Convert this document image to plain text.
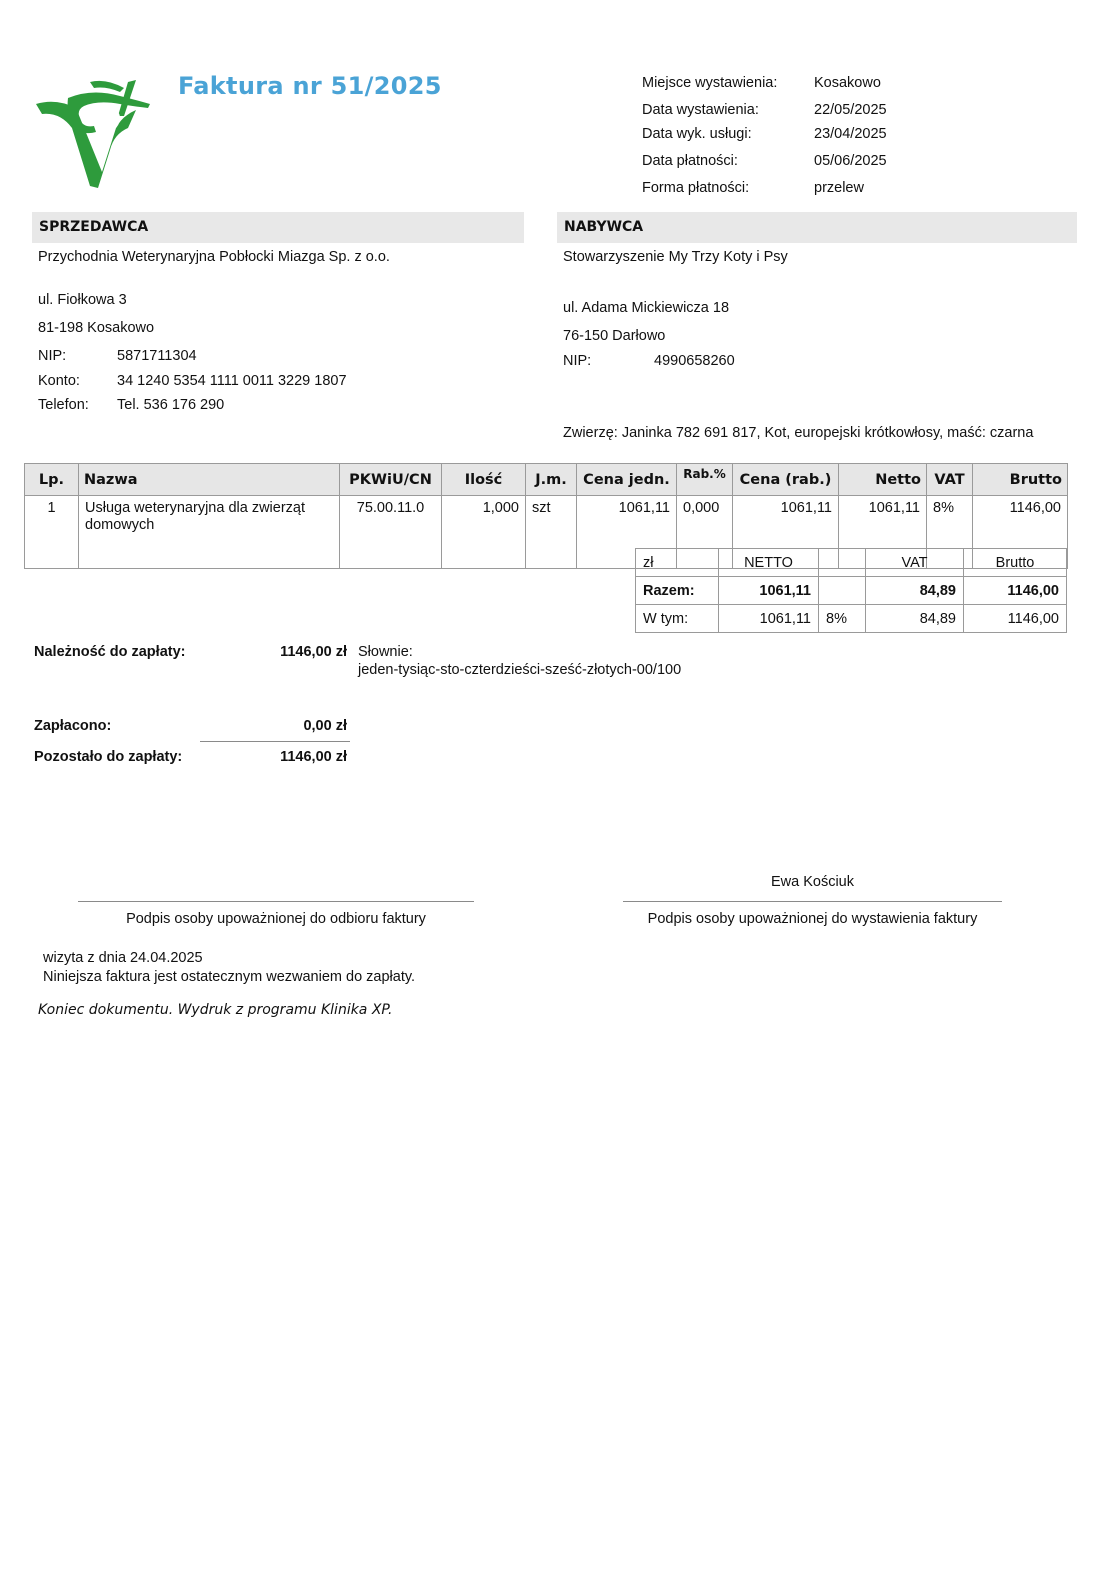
Faktura nr 51/2025	Miejsce wystawienia:	Kosakowo
Data wystawienia:	22/05/2025
Data wyk. usługi:	23/04/2025
Data płatności:	05/06/2025
Forma płatności:	przelew
SPRZEDAWCA
Przychodnia Weterynaryjna Pobłocki Miazga Sp. z o.o.
ul. Fiołkowa 3
81-198 Kosakowo
NIP:	5871711304
Konto:	34 1240 5354 1111 0011 3229 1807
Telefon: Tel. 536 176 290
NABYWCA
Stowarzyszenie My Trzy Koty i Psy
ul. Adama Mickiewicza 18
76-150 Darłowo
NIP:	4990658260
Zwierzę: Janinka 782 691 817, Kot, europejski krótkowłosy, maść: czarna
Lp.	Nazwa	PKWiU/CN	Ilość	J.m.	Cena jedn.	Rab.%	Cena (rab.)	Netto	VAT	Brutto
1	Usługa weterynaryjna dla zwierząt domowych	75.00.11.0	1,000	szt	1061,11	0,000	1061,11	1061,11	8%	1146,00
zł	NETTO		VAT	Brutto
Razem:	1061,11		84,89	1146,00
W tym:	1061,11	8%	84,89	1146,00
Należność do zapłaty:	1146,00 zł Słownie:
jeden-tysiąc-sto-czterdzieści-sześć-złotych-00/100
Zapłacono:	0,00 zł
Pozostało do zapłaty:	1146,00 zł
Ewa Kościuk
Podpis osoby upoważnionej do odbioru faktury	Podpis osoby upoważnionej do wystawienia faktury
wizyta z dnia 24.04.2025
Niniejsza faktura jest ostatecznym wezwaniem do zapłaty.
Koniec dokumentu. Wydruk z programu Klinika XP.
